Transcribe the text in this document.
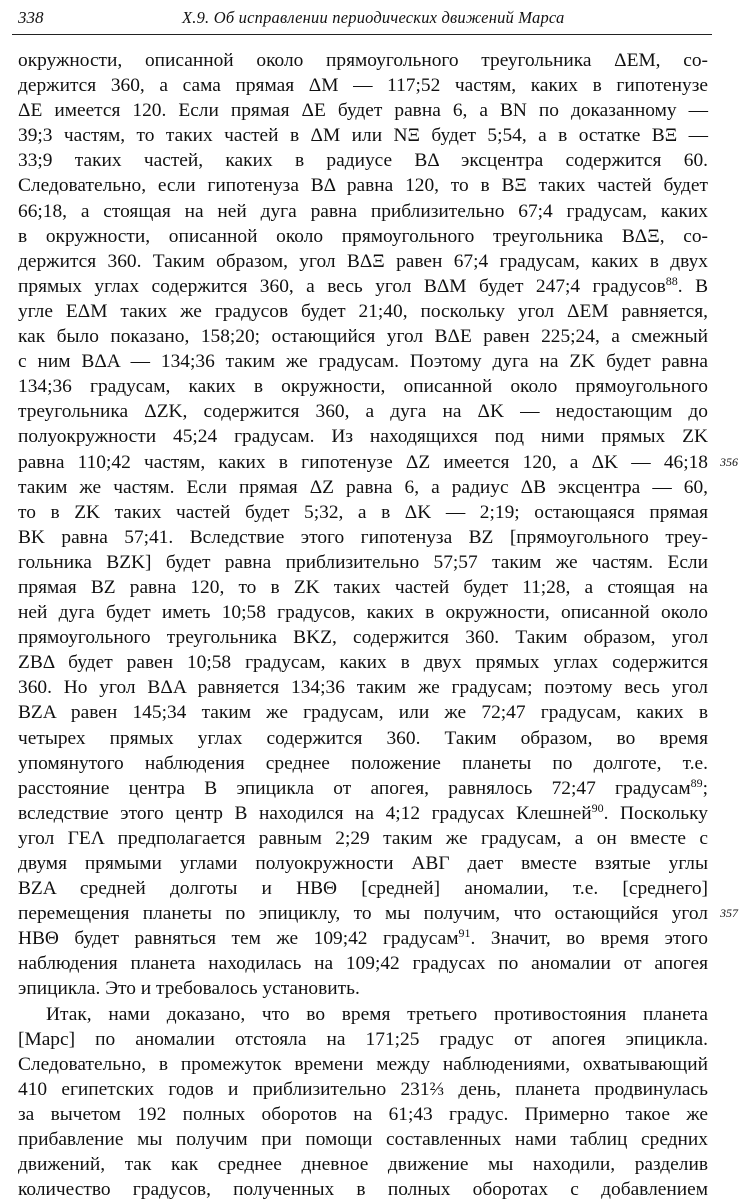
338	X.9. Об исправлении периодических движений Марса
окружности, описанной около прямоугольного треугольника ΔEM, со-
держится 360, а сама прямая ΔM — 117;52 частям, каких в гипотенузе
ΔE имеется 120. Если прямая ΔE будет равна 6, а BN по доказанному —
39;3 частям, то таких частей в ΔM или NΞ будет 5;54, а в остатке BΞ —
33;9 таких частей, каких в радиусе BΔ эксцентра содержится 60.
Следовательно, если гипотенуза BΔ равна 120, то в BΞ таких частей будет
66;18, а стоящая на ней дуга равна приблизительно 67;4 градусам, каких
в окружности, описанной около прямоугольного треугольника BΔΞ, со-
держится 360. Таким образом, угол BΔΞ равен 67;4 градусам, каких в двух
прямых углах содержится 360, а весь угол BΔM будет 247;4 градусов$^{88}$. В
угле EΔM таких же градусов будет 21;40, поскольку угол ΔEM равняется,
как было показано, 158;20; остающийся угол BΔE равен 225;24, а смежный
с ним BΔA — 134;36 таким же градусам. Поэтому дуга на ZK будет равна
134;36 градусам, каких в окружности, описанной около прямоугольного
треугольника ΔZK, содержится 360, а дуга на ΔK — недостающим до
полуокружности 45;24 градусам. Из находящихся под ними прямых ZK
равна 110;42 частям, каких в гипотенузе ΔZ имеется 120, а ΔK — 46;18
таким же частям. Если прямая ΔZ равна 6, а радиус ΔB эксцентра — 60,
то в ZK таких частей будет 5;32, а в ΔK — 2;19; остающаяся прямая
BK равна 57;41. Вследствие этого гипотенуза BZ [прямоугольного треу-
гольника BZK] будет равна приблизительно 57;57 таким же частям. Если
прямая BZ равна 120, то в ZK таких частей будет 11;28, а стоящая на
ней дуга будет иметь 10;58 градусов, каких в окружности, описанной около
прямоугольного треугольника BKZ, содержится 360. Таким образом, угол
ZBΔ будет равен 10;58 градусам, каких в двух прямых углах содержится
360. Но угол BΔA равняется 134;36 таким же градусам; поэтому весь угол
BZA равен 145;34 таким же градусам, или же 72;47 градусам, каких в
четырех прямых углах содержится 360. Таким образом, во время
упомянутого наблюдения среднее положение планеты по долготе, т.е.
расстояние центра B эпицикла от апогея, равнялось 72;47 градусам$^{89}$;
вследствие этого центр B находился на 4;12 градусах Клешней$^{90}$. Поскольку
угол ΓEΛ предполагается равным 2;29 таким же градусам, а он вместе с
двумя прямыми углами полуокружности ABΓ дает вместе взятые углы
BZA средней долготы и HBΘ [средней] аномалии, т.е. [среднего]
перемещения планеты по эпициклу, то мы получим, что остающийся угол
HBΘ будет равняться тем же 109;42 градусам$^{91}$. Значит, во время этого
наблюдения планета находилась на 109;42 градусах по аномалии от апогея
эпицикла. Это и требовалось установить.
Итак, нами доказано, что во время третьего противостояния планета
[Марс] по аномалии отстояла на 171;25 градус от апогея эпицикла.
Следовательно, в промежуток времени между наблюдениями, охватывающий
410 египетских годов и приблизительно 231⅔ день, планета продвинулась
за вычетом 192 полных оборотов на 61;43 градус. Примерно такое же
прибавление мы получим при помощи составленных нами таблиц средних
движений, так как среднее дневное движение мы находили, разделив
количество градусов, полученных в полных оборотах с добавлением
356
357
